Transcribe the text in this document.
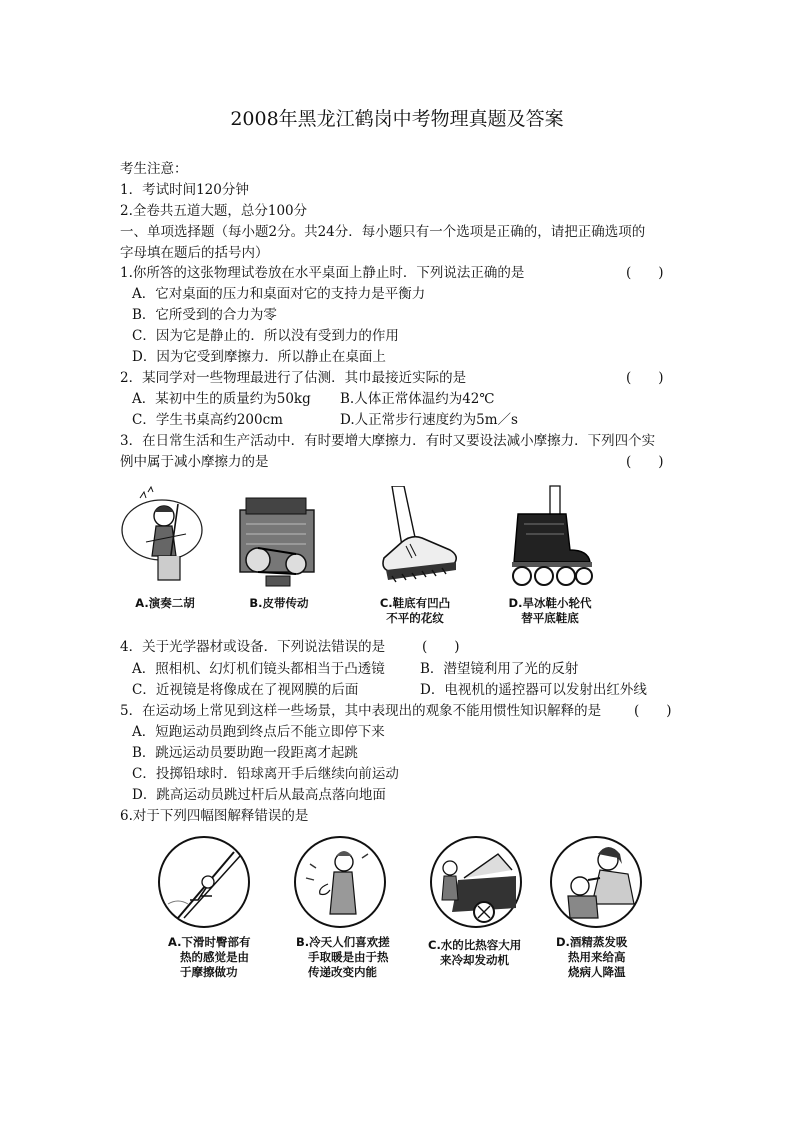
2008年黑龙江鹤岗中考物理真题及答案
考生注意：
1．考试时间120分钟
2.全卷共五道大题，总分100分
一、单项选择题（每小题2分。共24分．每小题只有一个选项是正确的，请把正确选项的
字母填在题后的括号内）
1.你所答的这张物理试卷放在水平桌面上静止时．下列说法正确的是	(　　)
A．它对桌面的压力和桌面对它的支持力是平衡力
B．它所受到的合力为零
C．因为它是静止的．所以没有受到力的作用
D．因为它受到摩擦力．所以静止在桌面上
2．某同学对一些物理最进行了估测．其巾最接近实际的是	(　　)
A．某初中生的质量约为50kg B.人体正常体温约为42℃
C．学生书桌高约200cm	D.人正常步行速度约为5m／s
3．在日常生活和生产活动中．有时要增大摩擦力．有时又要设法减小摩擦力．下列四个实
例中属于减小摩擦力的是	(　　)
A.演奏二胡	B.皮带传动	C.鞋底有凹凸
不平的花纹
D.旱冰鞋小轮代
替平底鞋底
4．关于光学器材或设备．下列说法错误的是	(　　)
A．照相机、幻灯机们镜头都相当于凸透镜	B．潜望镜利用了光的反射
C．近视镜是将像成在了视网膜的后面	D．电视机的遥控器可以发射出红外线
5．在运动场上常见到这样一些场景，其中表现出的观象不能用惯性知识解释的是 (　　)
A．短跑运动员跑到终点后不能立即停下来
B．跳远运动员要助跑一段距离才起跳
C．投掷铅球时．铅球离开手后继续向前运动
D．跳高运动员跳过杆后从最高点落向地面
6.对于下列四幅图解释错误的是
A.下滑时臀部有
热的感觉是由
于摩擦做功
B.冷天人们喜欢搓
手取暖是由于热
传递改变内能
C.水的比热容大用
来冷却发动机
D.酒精蒸发吸
热用来给高
烧病人降温
